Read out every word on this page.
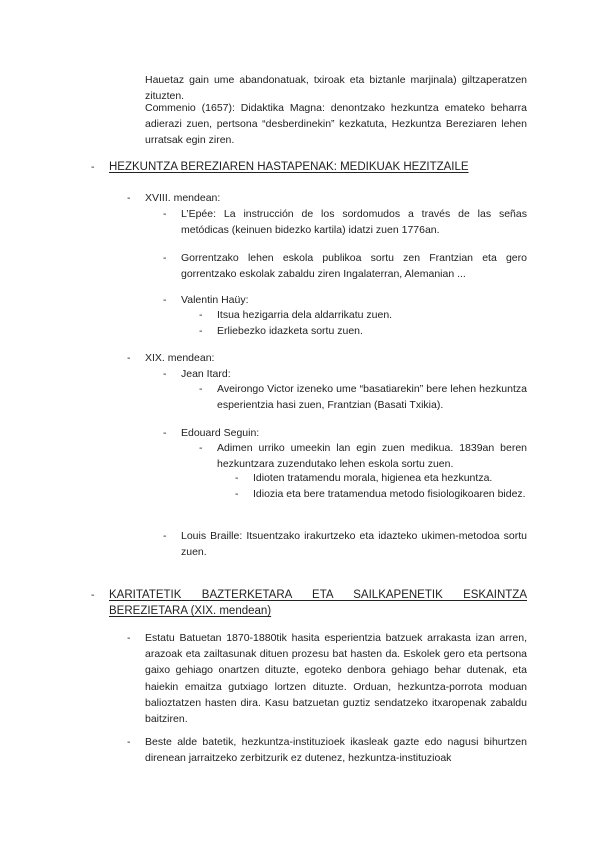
Hauetaz gain ume abandonatuak, txiroak eta biztanle marjinala) giltzaperatzen zituzten.

Commenio (1657): Didaktika Magna: denontzako hezkuntza emateko beharra adierazi zuen, pertsona “desberdinekin” kezkatuta, Hezkuntza Bereziaren lehen urratsak egin ziren.

- HEZKUNTZA BEREZIAREN HASTAPENAK: MEDIKUAK HEZITZAILE
- XVIII. mendean:

- L’Epée: La instrucción de los sordomudos a través de las señas metódicas (keinuen bidezko kartila) idatzi zuen 1776an.

- Gorrentzako lehen eskola publikoa sortu zen Frantzian eta gero gorrentzako eskolak zabaldu ziren Ingalaterran, Alemanian ...

- Valentin Haüy:

- Itsua hezigarria dela aldarrikatu zuen.

- Erliebezko idazketa sortu zuen.

- XIX. mendean:

- Jean Itard:

- Aveirongo Victor izeneko ume “basatiarekin” bere lehen hezkuntza esperientzia hasi zuen, Frantzian (Basati Txikia).

- Edouard Seguin:

- Adimen urriko umeekin lan egin zuen medikua. 1839an beren hezkuntzara zuzendutako lehen eskola sortu zuen.

- Idioten tratamendu morala, higienea eta hezkuntza.

- Idiozia eta bere tratamendua metodo fisiologikoaren bidez.

- Louis Braille: Itsuentzako irakurtzeko eta idazteko ukimen-metodoa sortu zuen.

- KARITATETIK BAZTERKETARA ETA SAILKAPENETIK ESKAINTZA BEREZIETARA (XIX. mendean)

- Estatu Batuetan 1870-1880tik hasita esperientzia batzuek arrakasta izan arren, arazoak eta zailtasunak dituen prozesu bat hasten da. Eskolek gero eta pertsona gaixo gehiago onartzen dituzte, egoteko denbora gehiago behar dutenak, eta haiekin emaitza gutxiago lortzen dituzte. Orduan, hezkuntza-porrota moduan balioztatzen hasten dira. Kasu batzuetan guztiz sendatzeko itxaropenak zabaldu baitziren.

- Beste alde batetik, hezkuntza-instituzioek ikasleak gazte edo nagusi bihurtzen direnean jarraitzeko zerbitzurik ez dutenez, hezkuntza-instituzioak
